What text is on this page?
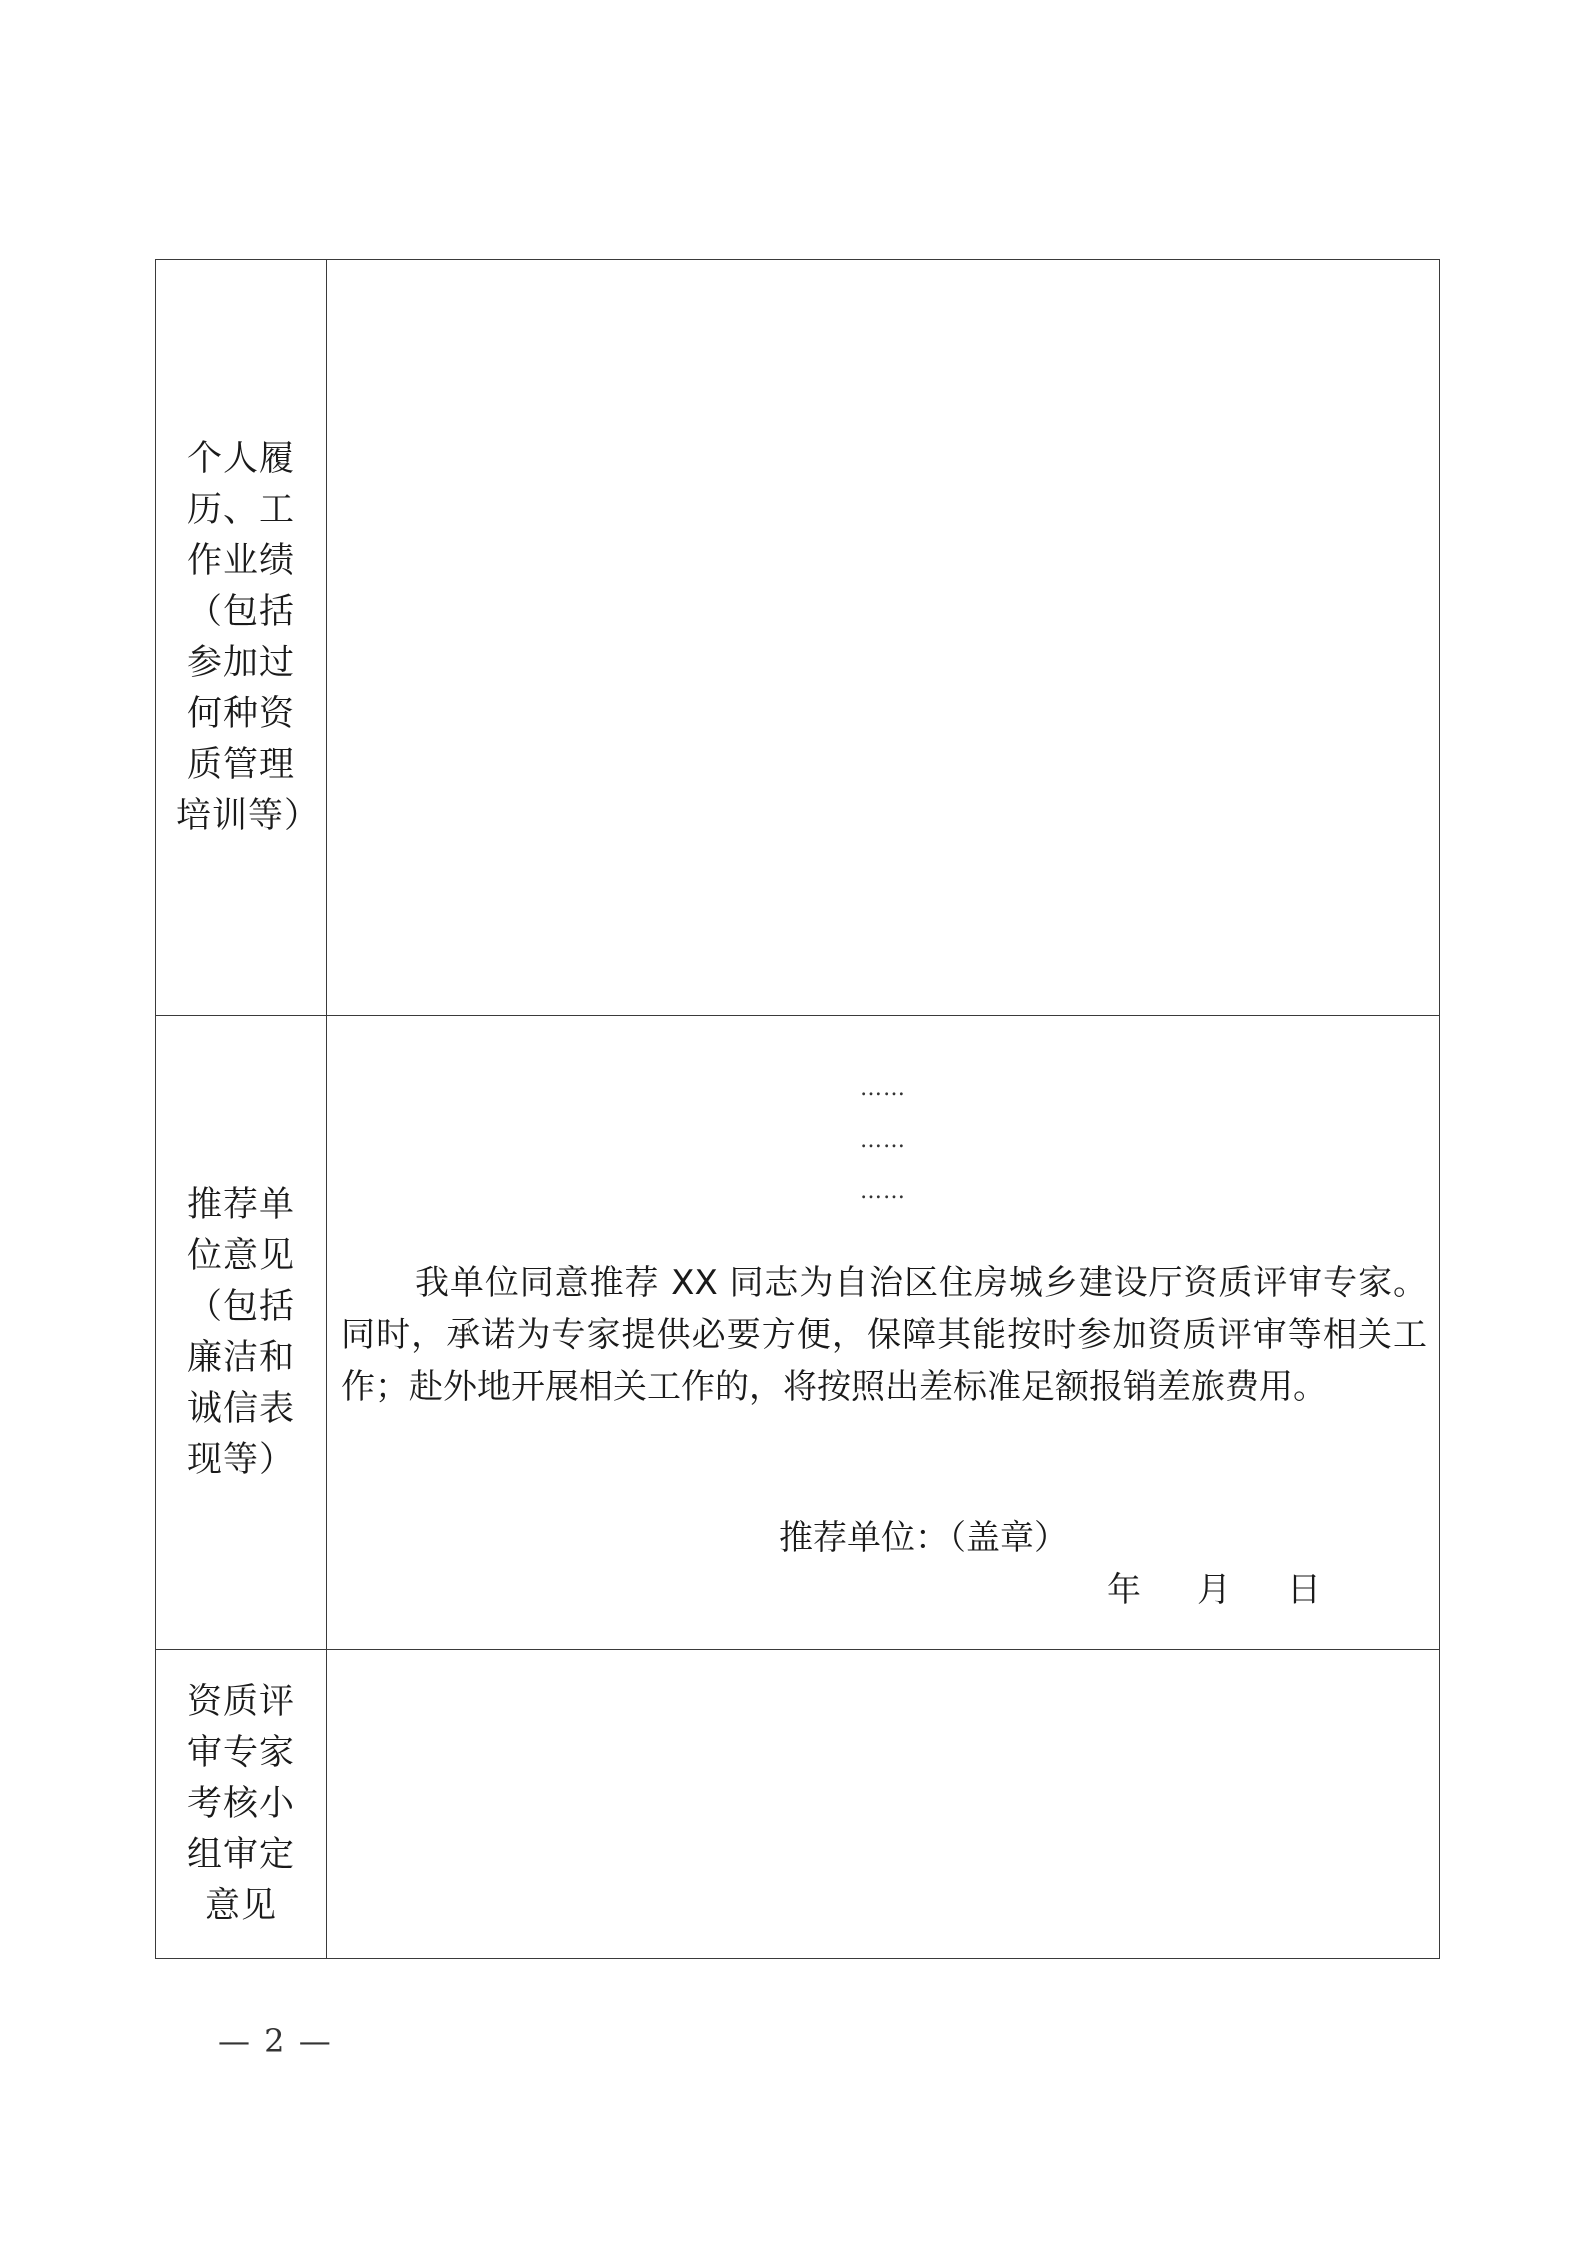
个人履历、工作业绩（包括参加过何种资质管理培训等）
推荐单位意见（包括廉洁和诚信表现等）
……
……
……

我单位同意推荐 XX 同志为自治区住房城乡建设厅资质评审专家。同时，承诺为专家提供必要方便，保障其能按时参加资质评审等相关工作；赴外地开展相关工作的，将按照出差标准足额报销差旅费用。

推荐单位：（盖章）
年 月 日
资质评审专家考核小组审定意见
— 2 —
